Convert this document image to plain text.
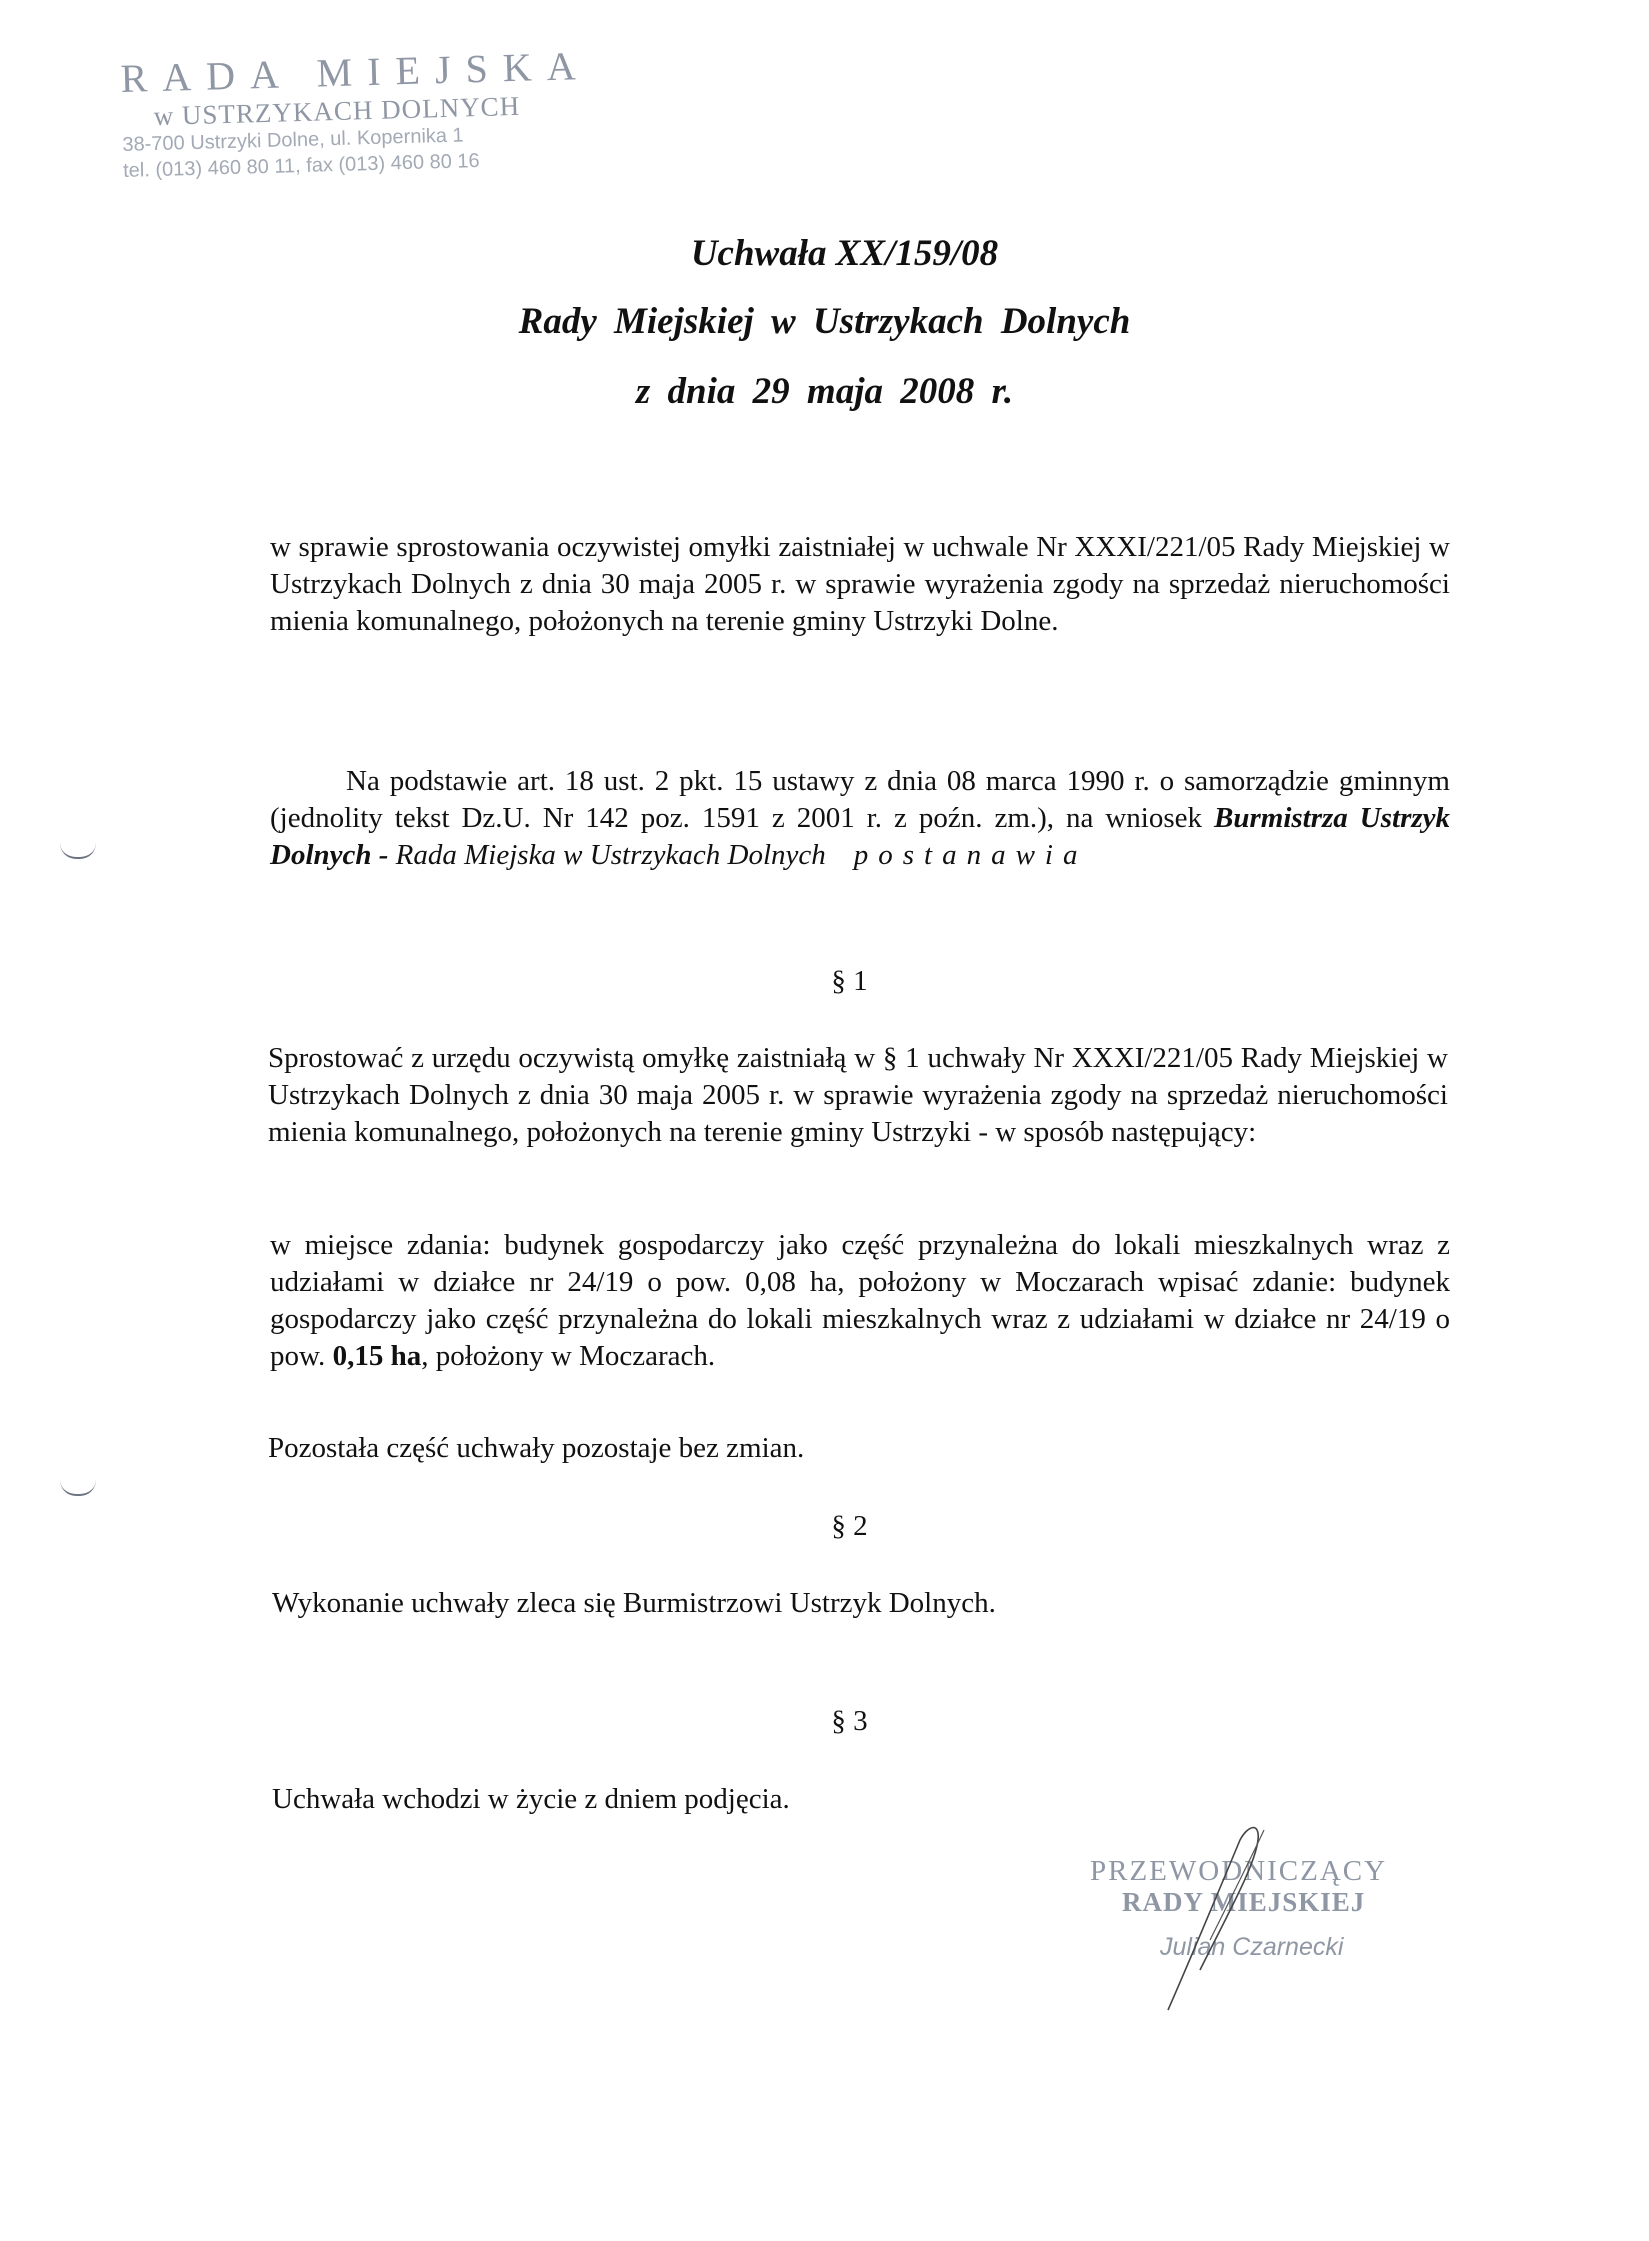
RADA MIEJSKA
w USTRZYKACH DOLNYCH
38-700 Ustrzyki Dolne, ul. Kopernika 1
tel. (013) 460 80 11, fax (013) 460 80 16
Uchwała XX/159/08
Rady Miejskiej w Ustrzykach Dolnych
z dnia 29 maja 2008 r.
w sprawie sprostowania oczywistej omyłki zaistniałej w uchwale Nr XXXI/221/05 Rady Miejskiej w Ustrzykach Dolnych z dnia 30 maja 2005 r. w sprawie wyrażenia zgody na sprzedaż nieruchomości mienia komunalnego, położonych na terenie gminy Ustrzyki Dolne.
Na podstawie art. 18 ust. 2 pkt. 15 ustawy z dnia 08 marca 1990 r. o samorządzie gminnym (jednolity tekst Dz.U. Nr 142 poz. 1591 z 2001 r. z poźn. zm.), na wniosek Burmistrza Ustrzyk Dolnych - Rada Miejska w Ustrzykach Dolnych postanawia
§ 1
Sprostować z urzędu oczywistą omyłkę zaistniałą w § 1 uchwały Nr XXXI/221/05 Rady Miejskiej w Ustrzykach Dolnych z dnia 30 maja 2005 r. w sprawie wyrażenia zgody na sprzedaż nieruchomości mienia komunalnego, położonych na terenie gminy Ustrzyki - w sposób następujący:
w miejsce zdania: budynek gospodarczy jako część przynależna do lokali mieszkalnych wraz z udziałami w działce nr 24/19 o pow. 0,08 ha, położony w Moczarach wpisać zdanie: budynek gospodarczy jako część przynależna do lokali mieszkalnych wraz z udziałami w działce nr 24/19 o pow. 0,15 ha, położony w Moczarach.
Pozostała część uchwały pozostaje bez zmian.
§ 2
Wykonanie uchwały zleca się Burmistrzowi Ustrzyk Dolnych.
§ 3
Uchwała wchodzi w życie z dniem podjęcia.
PRZEWODNICZĄCY
RADY MIEJSKIEJ
Julian Czarnecki
